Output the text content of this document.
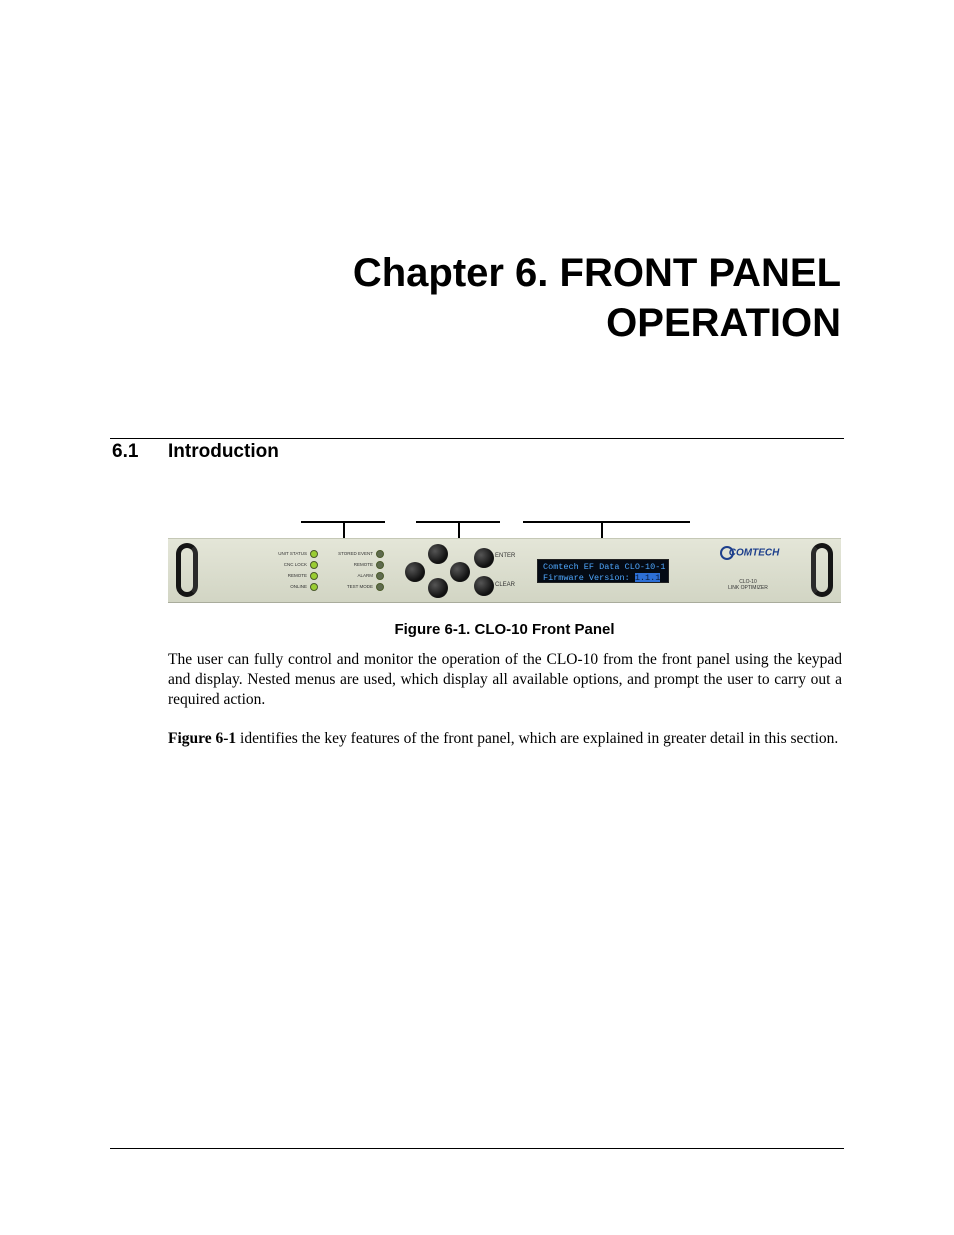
Chapter 6. FRONT PANEL
OPERATION
6.1 Introduction
UNIT STATUS
CNC LOCK
REMOTE
ONLINE
STORED EVENT
REMOTE
ALARM
TEST MODE
ENTER
CLEAR
Comtech EF Data CLO-10-1
Firmware Version: 1.1.1
COMTECH
CLO-10
LINK OPTIMIZER

Figure 6-1. CLO-10 Front Panel

The user can fully control and monitor the operation of the CLO-10 from the front panel using the keypad and display. Nested menus are used, which display all available options, and prompt the user to carry out a required action.

Figure 6-1 identifies the key features of the front panel, which are explained in greater detail in this section.
